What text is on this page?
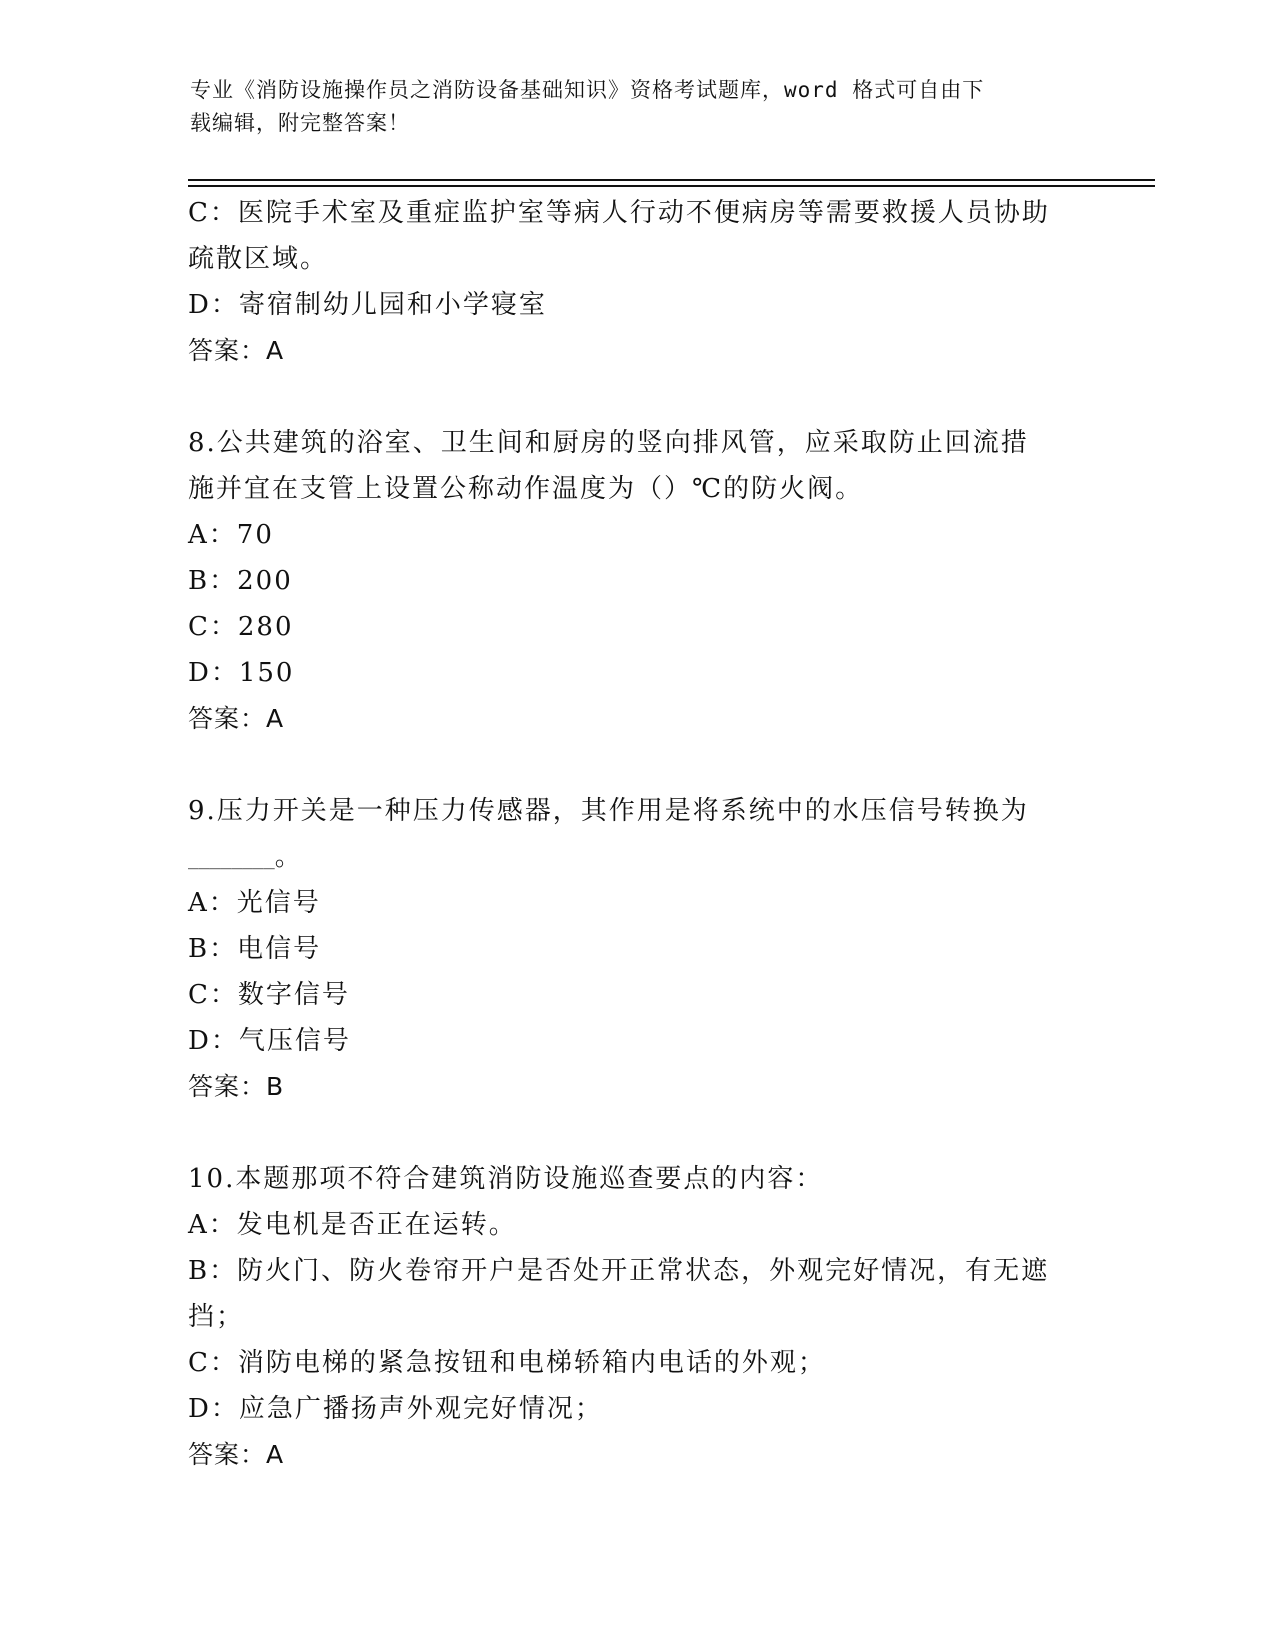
专业《消防设施操作员之消防设备基础知识》资格考试题库，word 格式可自由下
载编辑，附完整答案！
C：医院手术室及重症监护室等病人行动不便病房等需要救援人员协助
疏散区域。
D：寄宿制幼儿园和小学寝室
答案：A
8.公共建筑的浴室、卫生间和厨房的竖向排风管，应采取防止回流措
施并宜在支管上设置公称动作温度为（）℃的防火阀。
A：70
B：200
C：280
D：150
答案：A
9.压力开关是一种压力传感器，其作用是将系统中的水压信号转换为
________。
A：光信号
B：电信号
C：数字信号
D：气压信号
答案：B
10.本题那项不符合建筑消防设施巡查要点的内容：
A：发电机是否正在运转。
B：防火门、防火卷帘开户是否处开正常状态，外观完好情况，有无遮
挡；
C：消防电梯的紧急按钮和电梯轿箱内电话的外观；
D：应急广播扬声外观完好情况；
答案：A
